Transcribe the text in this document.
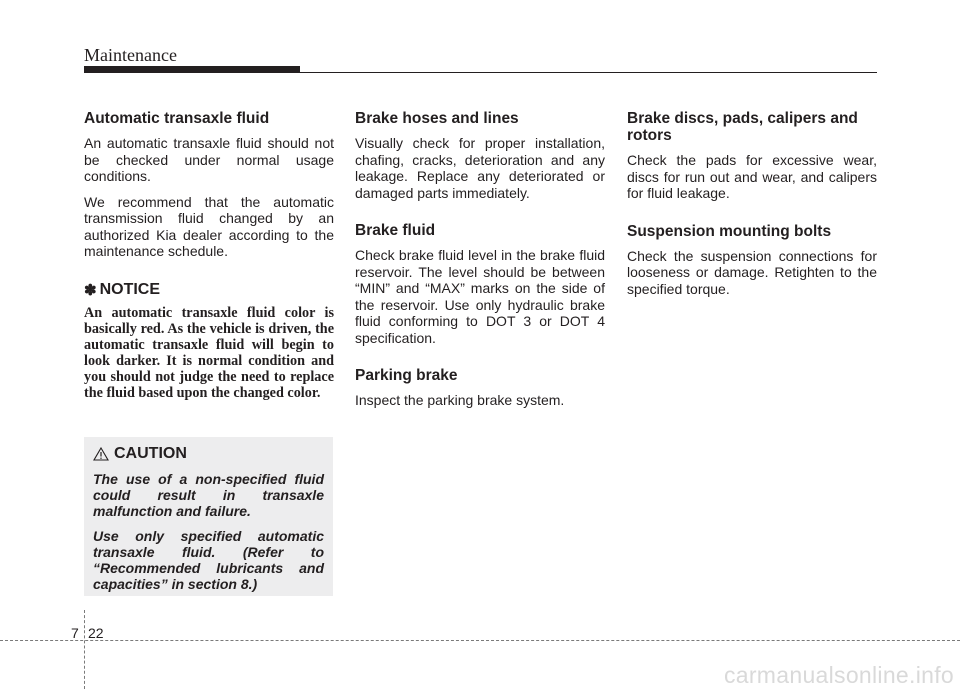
Maintenance
Automatic transaxle fluid

An automatic transaxle fluid should not be checked under normal usage conditions.

We recommend that the automatic transmission fluid changed by an authorized Kia dealer according to the maintenance schedule.

✽ NOTICE

An automatic transaxle fluid color is basically red. As the vehicle is driven, the automatic transaxle fluid will begin to look darker. It is normal condition and you should not judge the need to replace the fluid based upon the changed color.

CAUTION

The use of a non-specified fluid could result in transaxle malfunction and failure.

Use only specified automatic transaxle fluid. (Refer to “Recommended lubricants and capacities” in section 8.)

Brake hoses and lines

Visually check for proper installation, chafing, cracks, deterioration and any leakage. Replace any deteriorated or damaged parts immediately.

Brake fluid

Check brake fluid level in the brake fluid reservoir. The level should be between “MIN” and “MAX” marks on the side of the reservoir. Use only hydraulic brake fluid conforming to DOT 3 or DOT 4 specification.

Parking brake

Inspect the parking brake system.

Brake discs, pads, calipers and rotors

Check the pads for excessive wear, discs for run out and wear, and calipers for fluid leakage.

Suspension mounting bolts

Check the suspension connections for looseness or damage. Retighten to the specified torque.

7 22
carmanualsonline.info
